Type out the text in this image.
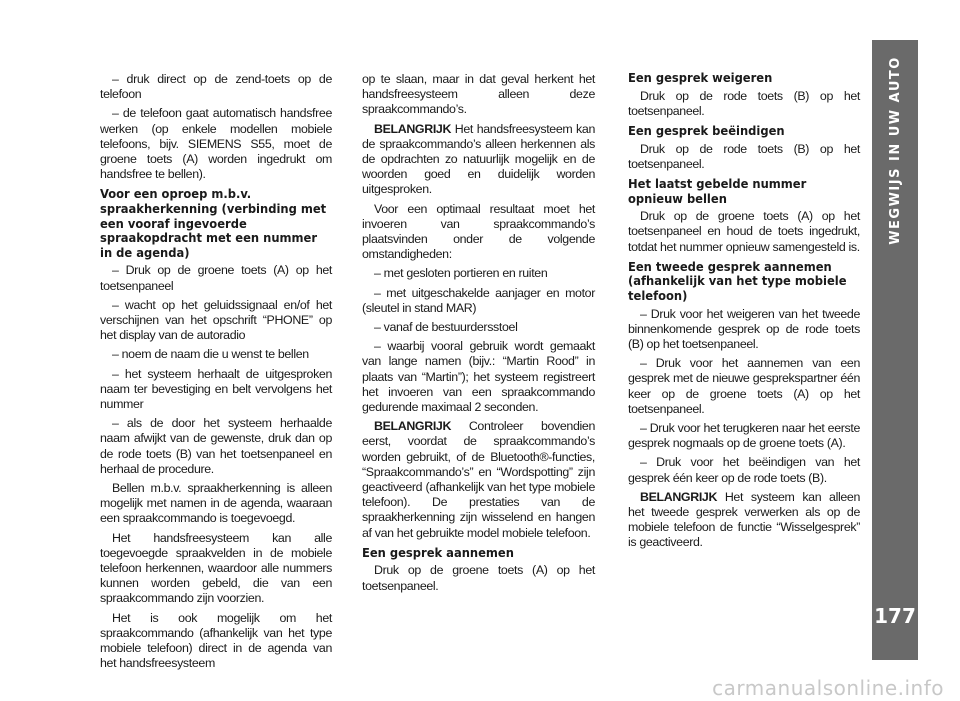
– druk direct op de zend-toets op de telefoon

– de telefoon gaat automatisch handsfree werken (op enkele modellen mobiele telefoons, bijv. SIEMENS S55, moet de groene toets (A) worden ingedrukt om handsfree te bellen).

Voor een oproep m.b.v. spraakherkenning (verbinding met een vooraf ingevoerde spraakopdracht met een nummer in de agenda)

– Druk op de groene toets (A) op het toetsenpaneel

– wacht op het geluidssignaal en/of het verschijnen van het opschrift “PHONE” op het display van de autoradio

– noem de naam die u wenst te bellen

– het systeem herhaalt de uitgesproken naam ter bevestiging en belt vervolgens het nummer

– als de door het systeem herhaalde naam afwijkt van de gewenste, druk dan op de rode toets (B) van het toetsenpaneel en herhaal de procedure.

Bellen m.b.v. spraakherkenning is alleen mogelijk met namen in de agenda, waaraan een spraakcommando is toegevoegd.

Het handsfreesysteem kan alle toegevoegde spraakvelden in de mobiele telefoon herkennen, waardoor alle nummers kunnen worden gebeld, die van een spraakcommando zijn voorzien.

Het is ook mogelijk om het spraakcommando (afhankelijk van het type mobiele telefoon) direct in de agenda van het handsfreesysteem

op te slaan, maar in dat geval herkent het handsfreesysteem alleen deze spraakcommando’s.

BELANGRIJK Het handsfreesysteem kan de spraakcommando’s alleen herkennen als de opdrachten zo natuurlijk mogelijk en de woorden goed en duidelijk worden uitgesproken.

Voor een optimaal resultaat moet het invoeren van spraakcommando’s plaatsvinden onder de volgende omstandigheden:

– met gesloten portieren en ruiten

– met uitgeschakelde aanjager en motor (sleutel in stand MAR)

– vanaf de bestuurdersstoel

– waarbij vooral gebruik wordt gemaakt van lange namen (bijv.: “Martin Rood” in plaats van “Martin”); het systeem registreert het invoeren van een spraakcommando gedurende maximaal 2 seconden.

BELANGRIJK Controleer bovendien eerst, voordat de spraakcommando’s worden gebruikt, of de Bluetooth®-functies, “Spraakcommando’s” en “Wordspotting” zijn geactiveerd (afhankelijk van het type mobiele telefoon). De prestaties van de spraakherkenning zijn wisselend en hangen af van het gebruikte model mobiele telefoon.

Een gesprek aannemen

Druk op de groene toets (A) op het toetsenpaneel.

Een gesprek weigeren

Druk op de rode toets (B) op het toetsenpaneel.

Een gesprek beëindigen

Druk op de rode toets (B) op het toetsenpaneel.

Het laatst gebelde nummer opnieuw bellen

Druk op de groene toets (A) op het toetsenpaneel en houd de toets ingedrukt, totdat het nummer opnieuw samengesteld is.

Een tweede gesprek aannemen (afhankelijk van het type mobiele telefoon)

– Druk voor het weigeren van het tweede binnenkomende gesprek op de rode toets (B) op het toetsenpaneel.

– Druk voor het aannemen van een gesprek met de nieuwe gesprekspartner één keer op de groene toets (A) op het toetsenpaneel.

– Druk voor het terugkeren naar het eerste gesprek nogmaals op de groene toets (A).

– Druk voor het beëindigen van het gesprek één keer op de rode toets (B).

BELANGRIJK Het systeem kan alleen het tweede gesprek verwerken als op de mobiele telefoon de functie “Wisselgesprek” is geactiveerd.

WEGWIJS IN UW AUTO
177
carmanualsonline.info
